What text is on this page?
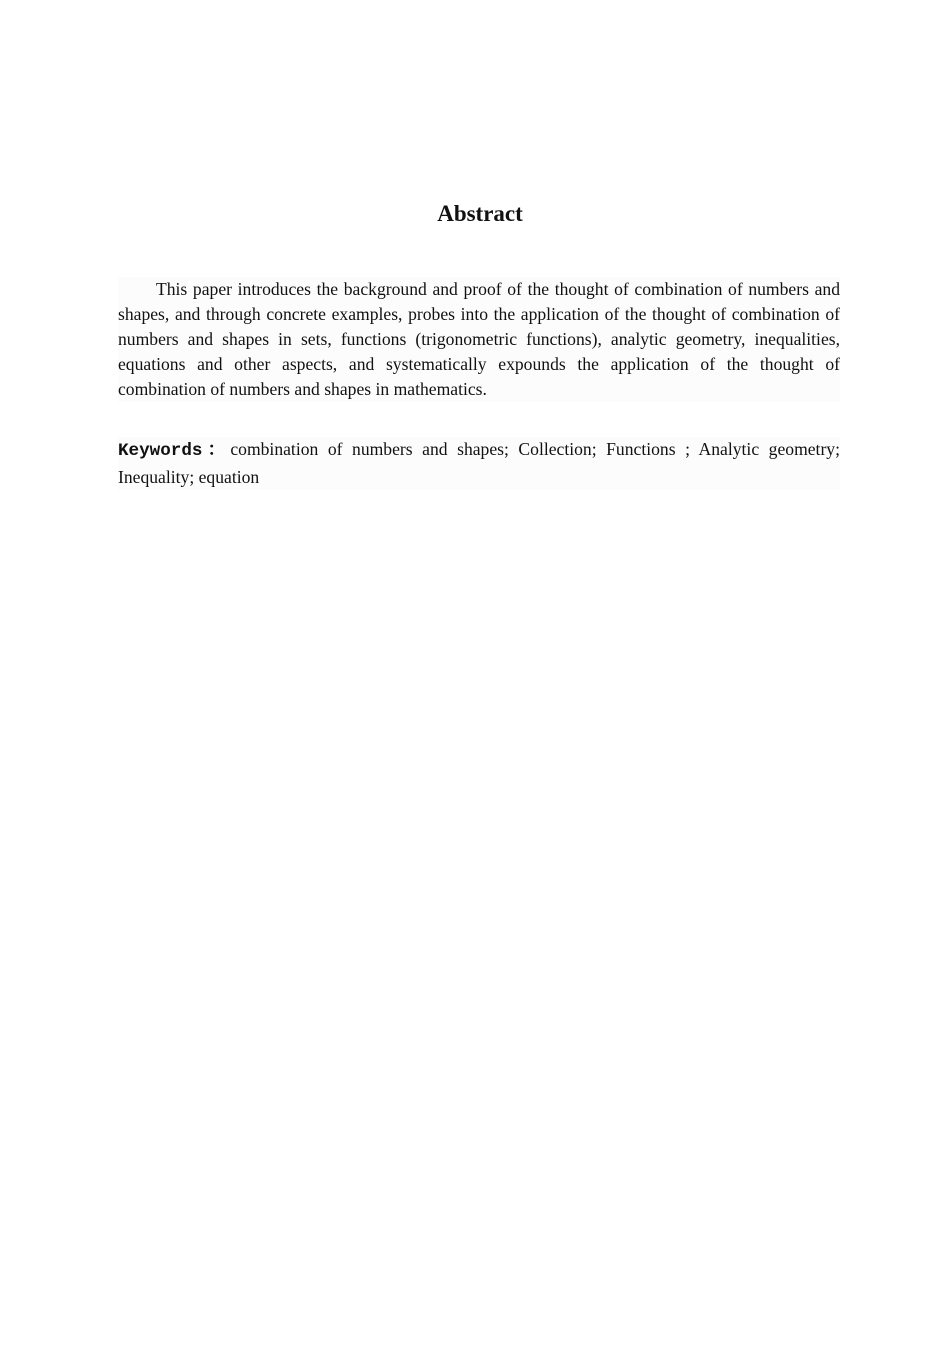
Abstract

This paper introduces the background and proof of the thought of combination of numbers and shapes, and through concrete examples, probes into the application of the thought of combination of numbers and shapes in sets, functions (trigonometric functions), analytic geometry, inequalities, equations and other aspects, and systematically expounds the application of the thought of combination of numbers and shapes in mathematics.

Keywords：combination of numbers and shapes; Collection; Functions ; Analytic geometry; Inequality; equation
